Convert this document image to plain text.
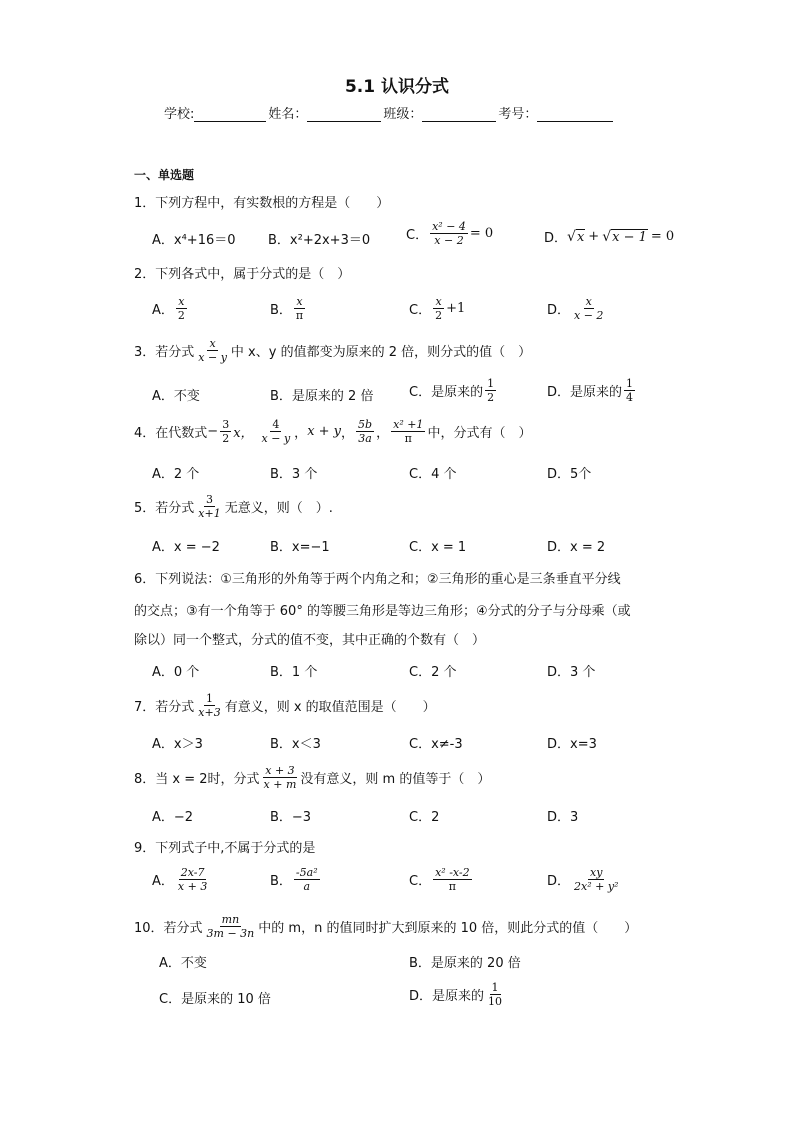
5.1 认识分式
学校:	姓名：	班级：	考号：
一、单选题
1．下列方程中，有实数根的方程是（　　）
A．x⁴+16＝0 B．x²+2x+3＝0	C． $\frac{\text{x² − 4}}{x - 2} = 0$	D． √ x + √ x − 1 = 0
2．下列各式中，属于分式的是（　）
A． $\frac{x}{2}$	B． $\frac{x}{\pi}$	C． $\frac{x}{2} +1$	D． $\frac{x}{x - 2}$
3．若分式 $\frac{x}{x - y}$ 中 x、y 的值都变为原来的 2 倍，则分式的值（　）
A．不变	B．是原来的 2 倍	C．是原来的 $\frac{1}{2}$	D．是原来的 $\frac{1}{4}$
4．在代数式 − $\frac{3}{2}$ x， $\frac{4}{x - y}$ ， x + y ， $\frac{5b}{3a}$ ， $\frac{\text{x² +1}}{\pi}$ 中，分式有（　）
A．2 个	B．3 个	C．4 个	D．5个
5．若分式 $\frac{3}{x+1}$ 无意义，则（　）.
A．x = −2	B．x=−1	C．x = 1	D．x = 2
6．下列说法：①三角形的外角等于两个内角之和；②三角形的重心是三条垂直平分线
的交点；③有一个角等于 60° 的等腰三角形是等边三角形；④分式的分子与分母乘（或
除以）同一个整式，分式的值不变，其中正确的个数有（　）
A．0 个	B．1 个	C．2 个	D．3 个
7．若分式 $\frac{1}{x+3}$ 有意义，则 x 的取值范围是（　　）
A．x＞3	B．x＜3	C．x≠-3	D．x=3
8．当 x = 2时，分式 $\frac{x + 3}{x + m}$ 没有意义，则 m 的值等于（　）
A．−2	B．−3	C．2	D．3
9．下列式子中,不属于分式的是
A． $\frac{2x-7}{x + 3}$	B． $\frac{\text{-5a²}}{a}$	C． $\frac{\text{x² -x-2}}{\pi}$	D． $\frac{xy}{\text{2x² + y²}}$
10．若分式 $\frac{mn}{3m - 3n}$ 中的 m，n 的值同时扩大到原来的 10 倍，则此分式的值（　　）
A．不变	B．是原来的 20 倍
C．是原来的 10 倍	D．是原来的 $\frac{1}{10}$
